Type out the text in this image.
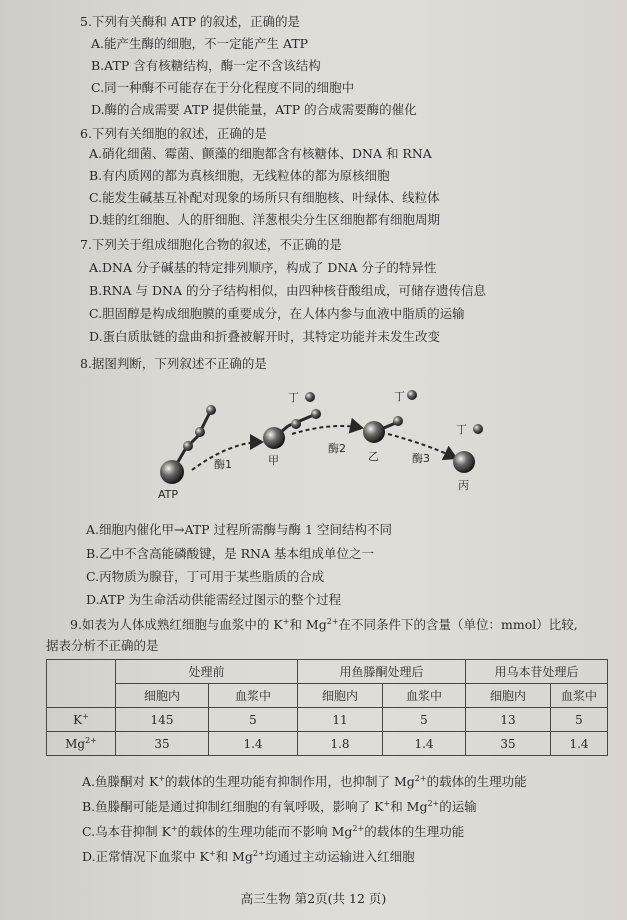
5.下列有关酶和 ATP 的叙述，正确的是
A.能产生酶的细胞，不一定能产生 ATP
B.ATP 含有核糖结构，酶一定不含该结构
C.同一种酶不可能存在于分化程度不同的细胞中
D.酶的合成需要 ATP 提供能量，ATP 的合成需要酶的催化
6.下列有关细胞的叙述，正确的是
A.硝化细菌、霉菌、颤藻的细胞都含有核糖体、DNA 和 RNA
B.有内质网的都为真核细胞，无线粒体的都为原核细胞
C.能发生碱基互补配对现象的场所只有细胞核、叶绿体、线粒体
D.蛙的红细胞、人的肝细胞、洋葱根尖分生区细胞都有细胞周期
7.下列关于组成细胞化合物的叙述，不正确的是
A.DNA 分子碱基的特定排列顺序，构成了 DNA 分子的特异性
B.RNA 与 DNA 的分子结构相似，由四种核苷酸组成，可储存遗传信息
C.胆固醇是构成细胞膜的重要成分，在人体内参与血液中脂质的运输
D.蛋白质肽链的盘曲和折叠被解开时，其特定功能并未发生改变
8.据图判断，下列叙述不正确的是
ATP
酶1	甲
丁
酶2
乙
丁
酶3
丙
丁
A.细胞内催化甲→ATP 过程所需酶与酶 1 空间结构不同
B.乙中不含高能磷酸键，是 RNA 基本组成单位之一
C.丙物质为腺苷，丁可用于某些脂质的合成
D.ATP 为生命活动供能需经过图示的整个过程
9.如表为人体成熟红细胞与血浆中的 K+和 $Mg^{2+}$在不同条件下的含量（单位：mmol）比较,
据表分析不正确的是
	处理前		用鱼滕酮处理后		用乌本苷处理后	
	细胞内	血浆中	细胞内	血浆中	细胞内	血浆中
K+	145	5	11	5	13	5
$Mg^{2+}$	35	1.4	1.8	1.4	35	1.4
A.鱼滕酮对 K+的载体的生理功能有抑制作用，也抑制了 $Mg^{2+}$的载体的生理功能
B.鱼滕酮可能是通过抑制红细胞的有氧呼吸，影响了 K+和 $Mg^{2+}$的运输
C.乌本苷抑制 K+的载体的生理功能而不影响 $Mg^{2+}$的载体的生理功能
D.正常情况下血浆中 K+和 $Mg^{2+}$均通过主动运输进入红细胞
高三生物 第2页(共 12 页)
